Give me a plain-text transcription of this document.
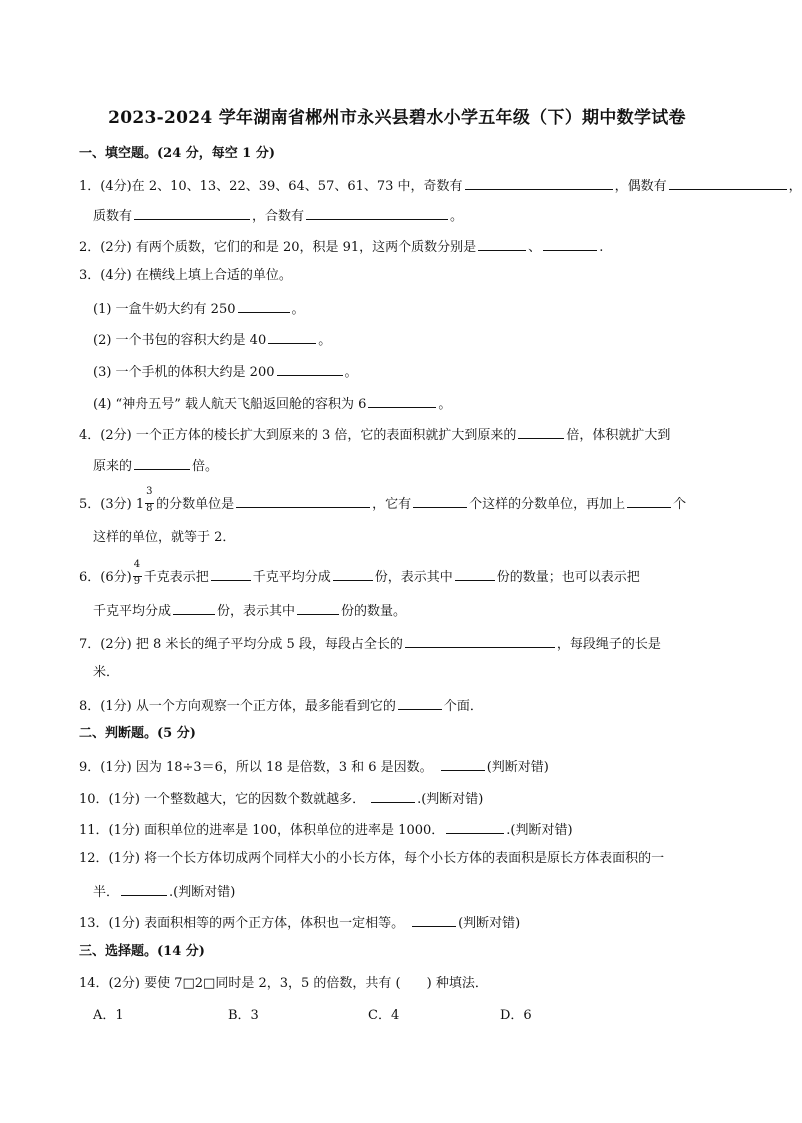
2023-2024 学年湖南省郴州市永兴县碧水小学五年级（下）期中数学试卷
一、填空题。(24 分，每空 1 分)
1．(4分)在 2、10、13、22、39、64、57、61、73 中，奇数有	，偶数有	，
质数有	，合数有	。
2．(2分) 有两个质数，它们的和是 20，积是 91，这两个质数分别是	、	.
3．(4分) 在横线上填上合适的单位。
(1) 一盒牛奶大约有 250	。
(2) 一个书包的容积大约是 40	。
(3) 一个手机的体积大约是 200	。
(4) “神舟五号” 载人航天飞船返回舱的容积为 6	。
4．(2分) 一个正方体的棱长扩大到原来的 3 倍，它的表面积就扩大到原来的	倍，体积就扩大到
原来的	倍。
5．(3分) $1 \frac{3}{8}$ 的分数单位是	，它有	个这样的分数单位，再加上	个
这样的单位，就等于 2．
6．(6分) $\frac{4}{9}$ 千克表示把	千克平均分成	份，表示其中	份的数量；也可以表示把
千克平均分成	份，表示其中	份的数量。
7．(2分) 把 8 米长的绳子平均分成 5 段，每段占全长的	，每段绳子的长是
米．
8．(1分) 从一个方向观察一个正方体，最多能看到它的	个面．
二、判断题。(5 分)
9．(1分) 因为 18÷3＝6，所以 18 是倍数，3 和 6 是因数。	(判断对错)
10．(1分) 一个整数越大，它的因数个数就越多．	.(判断对错)
11．(1分) 面积单位的进率是 100，体积单位的进率是 1000．	.(判断对错)
12．(1分) 将一个长方体切成两个同样大小的小长方体，每个小长方体的表面积是原长方体表面积的一
半．	.(判断对错)
13．(1分) 表面积相等的两个正方体，体积也一定相等。	(判断对错)
三、选择题。(14 分)
14．(2分) 要使 7□2□同时是 2，3，5 的倍数，共有 (　　) 种填法．
A．1	B．3	C．4	D．6
